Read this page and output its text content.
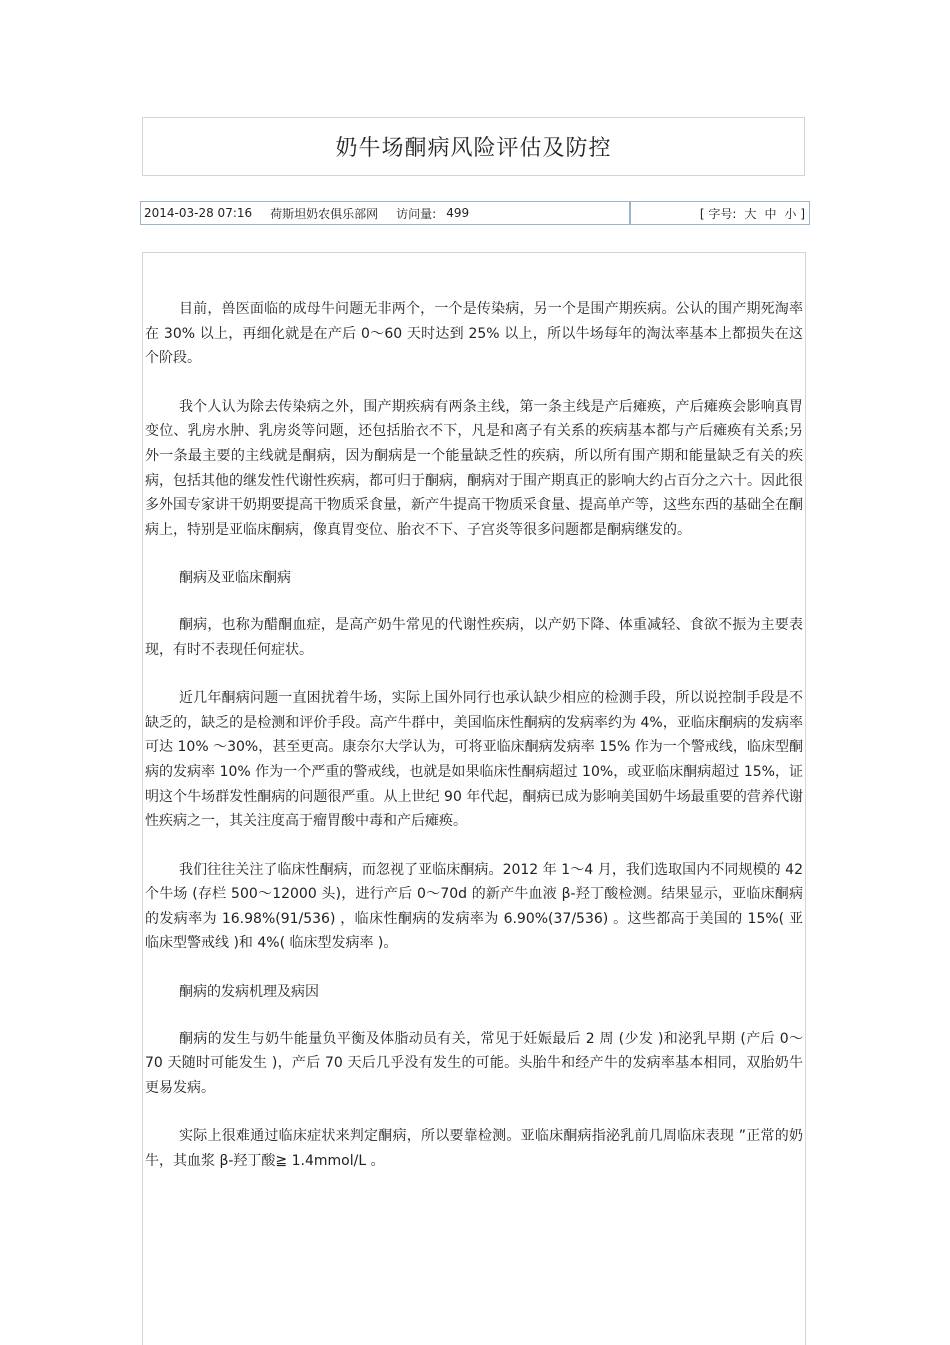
奶牛场酮病风险评估及防控
2014-03-28 07:16 荷斯坦奶农俱乐部网 访问量: 499	[ 字号: 大 中 小 ]

目前，兽医面临的成母牛问题无非两个，一个是传染病，另一个是围产期疾病。公认的围产期死淘率在 30% 以上，再细化就是在产后 0～60 天时达到 25% 以上，所以牛场每年的淘汰率基本上都损失在这个阶段。

我个人认为除去传染病之外，围产期疾病有两条主线，第一条主线是产后瘫痪，产后瘫痪会影响真胃变位、乳房水肿、乳房炎等问题，还包括胎衣不下，凡是和离子有关系的疾病基本都与产后瘫痪有关系;另外一条最主要的主线就是酮病，因为酮病是一个能量缺乏性的疾病，所以所有围产期和能量缺乏有关的疾病，包括其他的继发性代谢性疾病，都可归于酮病，酮病对于围产期真正的影响大约占百分之六十。因此很多外国专家讲干奶期要提高干物质采食量，新产牛提高干物质采食量、提高单产等，这些东西的基础全在酮病上，特别是亚临床酮病，像真胃变位、胎衣不下、子宫炎等很多问题都是酮病继发的。

酮病及亚临床酮病

酮病，也称为醋酮血症，是高产奶牛常见的代谢性疾病，以产奶下降、体重减轻、食欲不振为主要表现，有时不表现任何症状。

近几年酮病问题一直困扰着牛场，实际上国外同行也承认缺少相应的检测手段，所以说控制手段是不缺乏的，缺乏的是检测和评价手段。高产牛群中，美国临床性酮病的发病率约为 4%，亚临床酮病的发病率可达 10% ～30%，甚至更高。康奈尔大学认为，可将亚临床酮病发病率 15% 作为一个警戒线，临床型酮病的发病率 10% 作为一个严重的警戒线，也就是如果临床性酮病超过 10%，或亚临床酮病超过 15%，证明这个牛场群发性酮病的问题很严重。从上世纪 90 年代起，酮病已成为影响美国奶牛场最重要的营养代谢性疾病之一，其关注度高于瘤胃酸中毒和产后瘫痪。

我们往往关注了临床性酮病，而忽视了亚临床酮病。2012 年 1～4 月，我们选取国内不同规模的 42 个牛场 (存栏 500～12000 头)，进行产后 0～70d 的新产牛血液 β-羟丁酸检测。结果显示，亚临床酮病的发病率为 16.98%(91/536) ，临床性酮病的发病率为 6.90%(37/536) 。这些都高于美国的 15%( 亚临床型警戒线 )和 4%( 临床型发病率 )。

酮病的发病机理及病因

酮病的发生与奶牛能量负平衡及体脂动员有关，常见于妊娠最后 2 周 (少发 )和泌乳早期 (产后 0～70 天随时可能发生 )，产后 70 天后几乎没有发生的可能。头胎牛和经产牛的发病率基本相同，双胎奶牛更易发病。

实际上很难通过临床症状来判定酮病，所以要靠检测。亚临床酮病指泌乳前几周临床表现 ”正常的奶牛，其血浆 β-羟丁酸≧ 1.4mmol/L 。
